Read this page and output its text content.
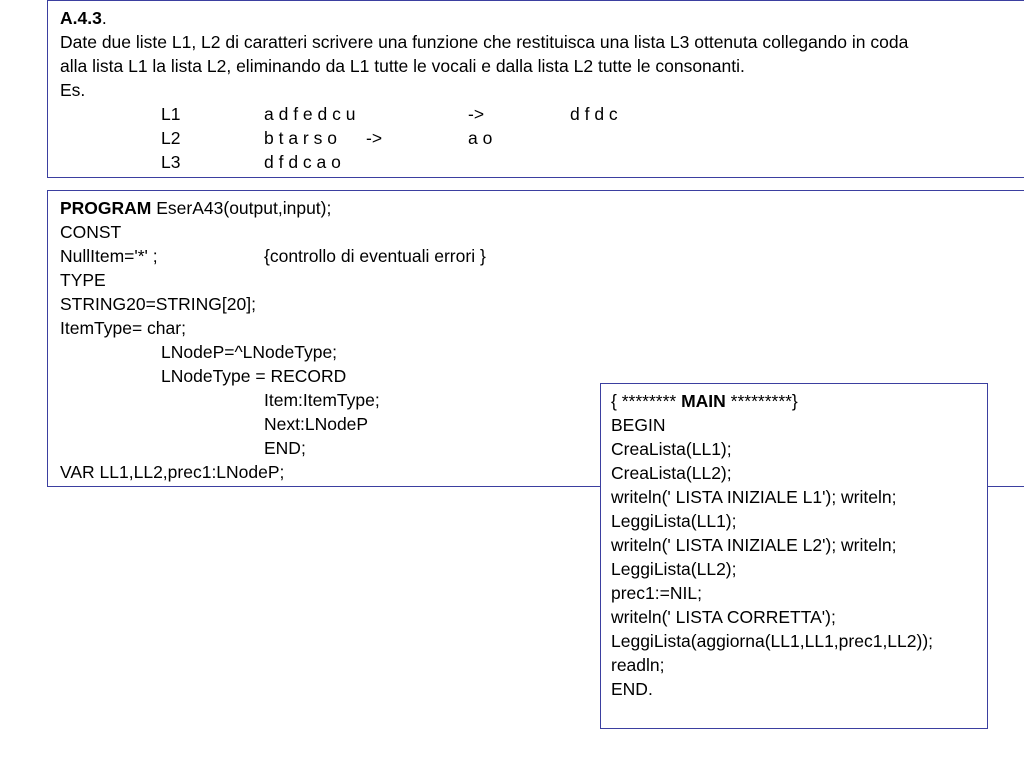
A.4.3.
Date due liste L1, L2 di caratteri scrivere una funzione che restituisca una lista L3 ottenuta collegando in coda
alla lista L1 la lista L2, eliminando da L1 tutte le vocali e dalla lista L2 tutte le consonanti.
Es.
L1	a d f e d c u	->	d f d c
L2	b t a r s o ->	a o
L3	d f d c a o
PROGRAM EserA43(output,input);
CONST
NullItem='*' ;	{controllo di eventuali errori }
TYPE
STRING20=STRING[20];
ItemType= char;
LNodeP=^LNodeType;
LNodeType = RECORD
Item:ItemType;
Next:LNodeP
END;
VAR LL1,LL2,prec1:LNodeP;
{ ******** MAIN *********}
BEGIN
CreaLista(LL1);
CreaLista(LL2);
writeln(' LISTA INIZIALE L1'); writeln;
LeggiLista(LL1);
writeln(' LISTA INIZIALE L2'); writeln;
LeggiLista(LL2);
prec1:=NIL;
writeln(' LISTA CORRETTA');
LeggiLista(aggiorna(LL1,LL1,prec1,LL2));
readln;
END.
